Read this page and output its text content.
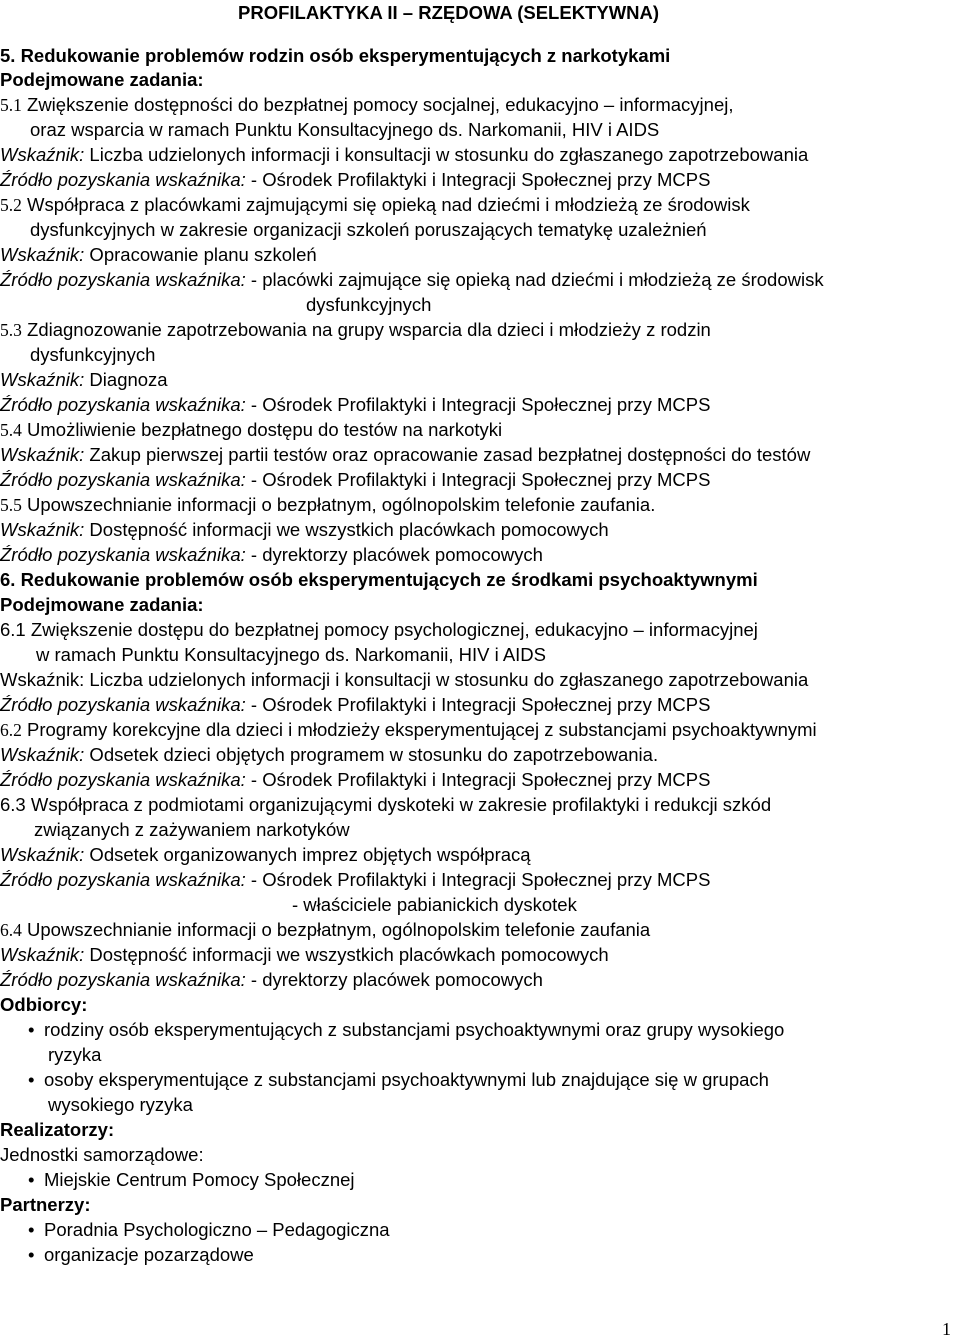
PROFILAKTYKA II – RZĘDOWA (SELEKTYWNA)
5. Redukowanie problemów rodzin osób eksperymentujących z narkotykami
Podejmowane zadania:
5.1 Zwiększenie dostępności do bezpłatnej pomocy socjalnej, edukacyjno – informacyjnej,
oraz wsparcia w ramach Punktu Konsultacyjnego ds. Narkomanii, HIV i AIDS
Wskaźnik: Liczba udzielonych informacji i konsultacji w stosunku do zgłaszanego zapotrzebowania
Źródło pozyskania wskaźnika: - Ośrodek Profilaktyki i Integracji Społecznej przy MCPS
5.2 Współpraca z placówkami zajmującymi się opieką nad dziećmi i młodzieżą ze środowisk
dysfunkcyjnych w zakresie organizacji szkoleń poruszających tematykę uzależnień
Wskaźnik: Opracowanie planu szkoleń
Źródło pozyskania wskaźnika: - placówki zajmujące się opieką nad dziećmi i młodzieżą ze środowisk
dysfunkcyjnych
5.3 Zdiagnozowanie zapotrzebowania na grupy wsparcia dla dzieci i młodzieży z rodzin
dysfunkcyjnych
Wskaźnik: Diagnoza
Źródło pozyskania wskaźnika: - Ośrodek Profilaktyki i Integracji Społecznej przy MCPS
5.4 Umożliwienie bezpłatnego dostępu do testów na narkotyki
Wskaźnik: Zakup pierwszej partii testów oraz opracowanie zasad bezpłatnej dostępności do testów
Źródło pozyskania wskaźnika: - Ośrodek Profilaktyki i Integracji Społecznej przy MCPS
5.5 Upowszechnianie informacji o bezpłatnym, ogólnopolskim telefonie zaufania.
Wskaźnik: Dostępność informacji we wszystkich placówkach pomocowych
Źródło pozyskania wskaźnika: - dyrektorzy placówek pomocowych
6. Redukowanie problemów osób eksperymentujących ze środkami psychoaktywnymi
Podejmowane zadania:
6.1 Zwiększenie dostępu do bezpłatnej pomocy psychologicznej, edukacyjno – informacyjnej
w ramach Punktu Konsultacyjnego ds. Narkomanii, HIV i AIDS
Wskaźnik: Liczba udzielonych informacji i konsultacji w stosunku do zgłaszanego zapotrzebowania
Źródło pozyskania wskaźnika: - Ośrodek Profilaktyki i Integracji Społecznej przy MCPS
6.2 Programy korekcyjne dla dzieci i młodzieży eksperymentującej z substancjami psychoaktywnymi
Wskaźnik: Odsetek dzieci objętych programem w stosunku do zapotrzebowania.
Źródło pozyskania wskaźnika: - Ośrodek Profilaktyki i Integracji Społecznej przy MCPS
6.3 Współpraca z podmiotami organizującymi dyskoteki w zakresie profilaktyki i redukcji szkód
związanych z zażywaniem narkotyków
Wskaźnik: Odsetek organizowanych imprez objętych współpracą
Źródło pozyskania wskaźnika: - Ośrodek Profilaktyki i Integracji Społecznej przy MCPS
- właściciele pabianickich dyskotek
6.4 Upowszechnianie informacji o bezpłatnym, ogólnopolskim telefonie zaufania
Wskaźnik: Dostępność informacji we wszystkich placówkach pomocowych
Źródło pozyskania wskaźnika: - dyrektorzy placówek pomocowych
Odbiorcy:
• rodziny osób eksperymentujących z substancjami psychoaktywnymi oraz grupy wysokiego
ryzyka
• osoby eksperymentujące z substancjami psychoaktywnymi lub znajdujące się w grupach
wysokiego ryzyka
Realizatorzy:
Jednostki samorządowe:
• Miejskie Centrum Pomocy Społecznej
Partnerzy:
• Poradnia Psychologiczno – Pedagogiczna
• organizacje pozarządowe
1
